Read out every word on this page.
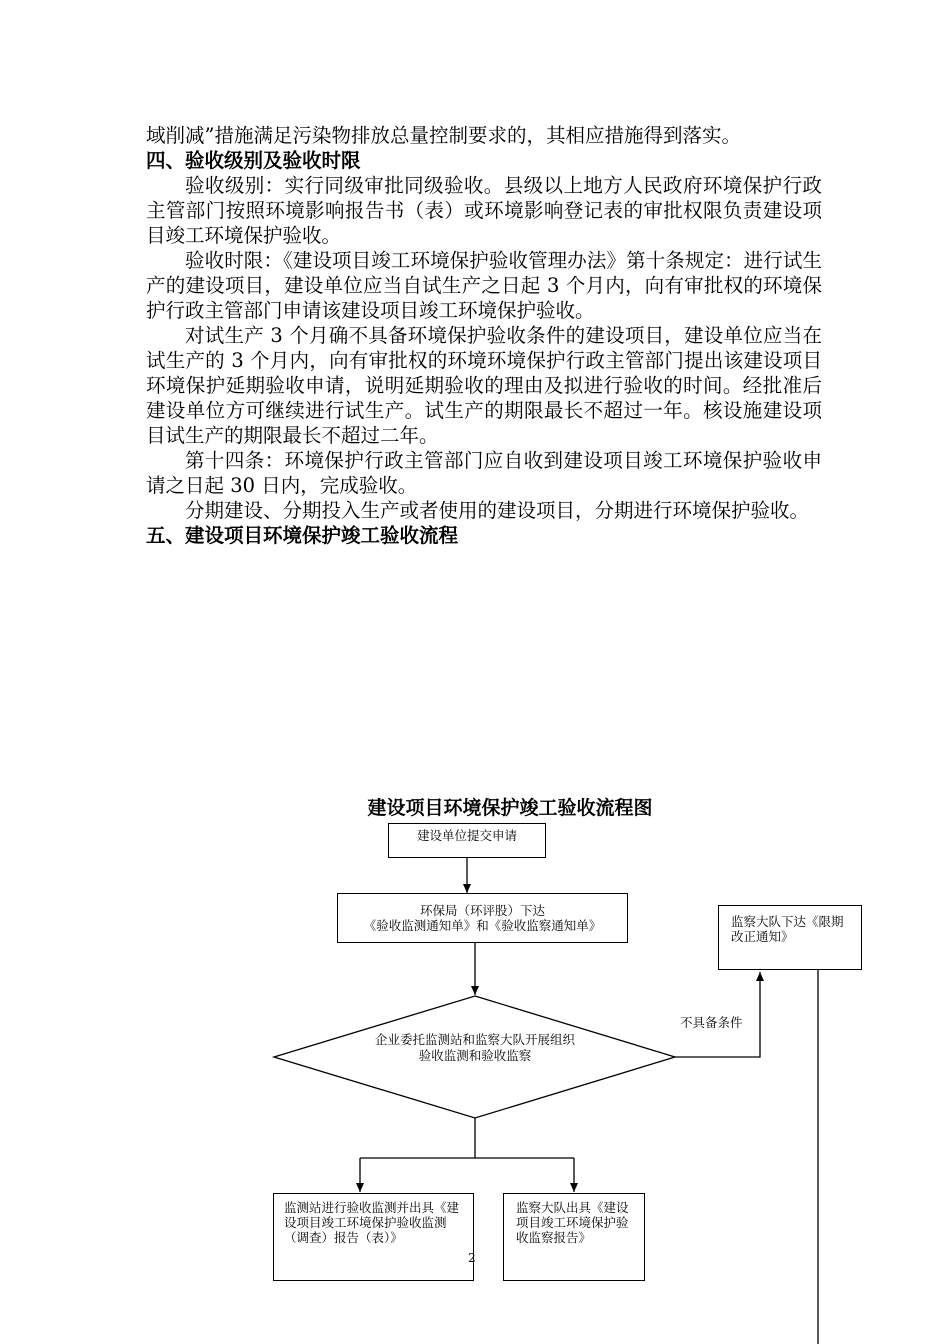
域削减”措施满足污染物排放总量控制要求的，其相应措施得到落实。

四、验收级别及验收时限

验收级别：实行同级审批同级验收。县级以上地方人民政府环境保护行政主管部门按照环境影响报告书（表）或环境影响登记表的审批权限负责建设项目竣工环境保护验收。

验收时限：《建设项目竣工环境保护验收管理办法》第十条规定：进行试生产的建设项目，建设单位应当自试生产之日起 3 个月内，向有审批权的环境保护行政主管部门申请该建设项目竣工环境保护验收。

对试生产 3 个月确不具备环境保护验收条件的建设项目，建设单位应当在试生产的 3 个月内，向有审批权的环境环境保护行政主管部门提出该建设项目环境保护延期验收申请，说明延期验收的理由及拟进行验收的时间。经批准后建设单位方可继续进行试生产。试生产的期限最长不超过一年。核设施建设项目试生产的期限最长不超过二年。

第十四条：环境保护行政主管部门应自收到建设项目竣工环境保护验收申请之日起 30 日内，完成验收。

分期建设、分期投入生产或者使用的建设项目，分期进行环境保护验收。

五、建设项目环境保护竣工验收流程
建设项目环境保护竣工验收流程图
建设单位提交申请
环保局（环评股）下达
《验收监测通知单》和《验收监察通知单》
企业委托监测站和监察大队开展组织验收监测和验收监察
不具备条件
监察大队下达《限期改正通知》
监测站进行验收监测并出具《建设项目竣工环境保护验收监测（调查）报告（表）》
监察大队出具《建设项目竣工环境保护验收监察报告》
2
